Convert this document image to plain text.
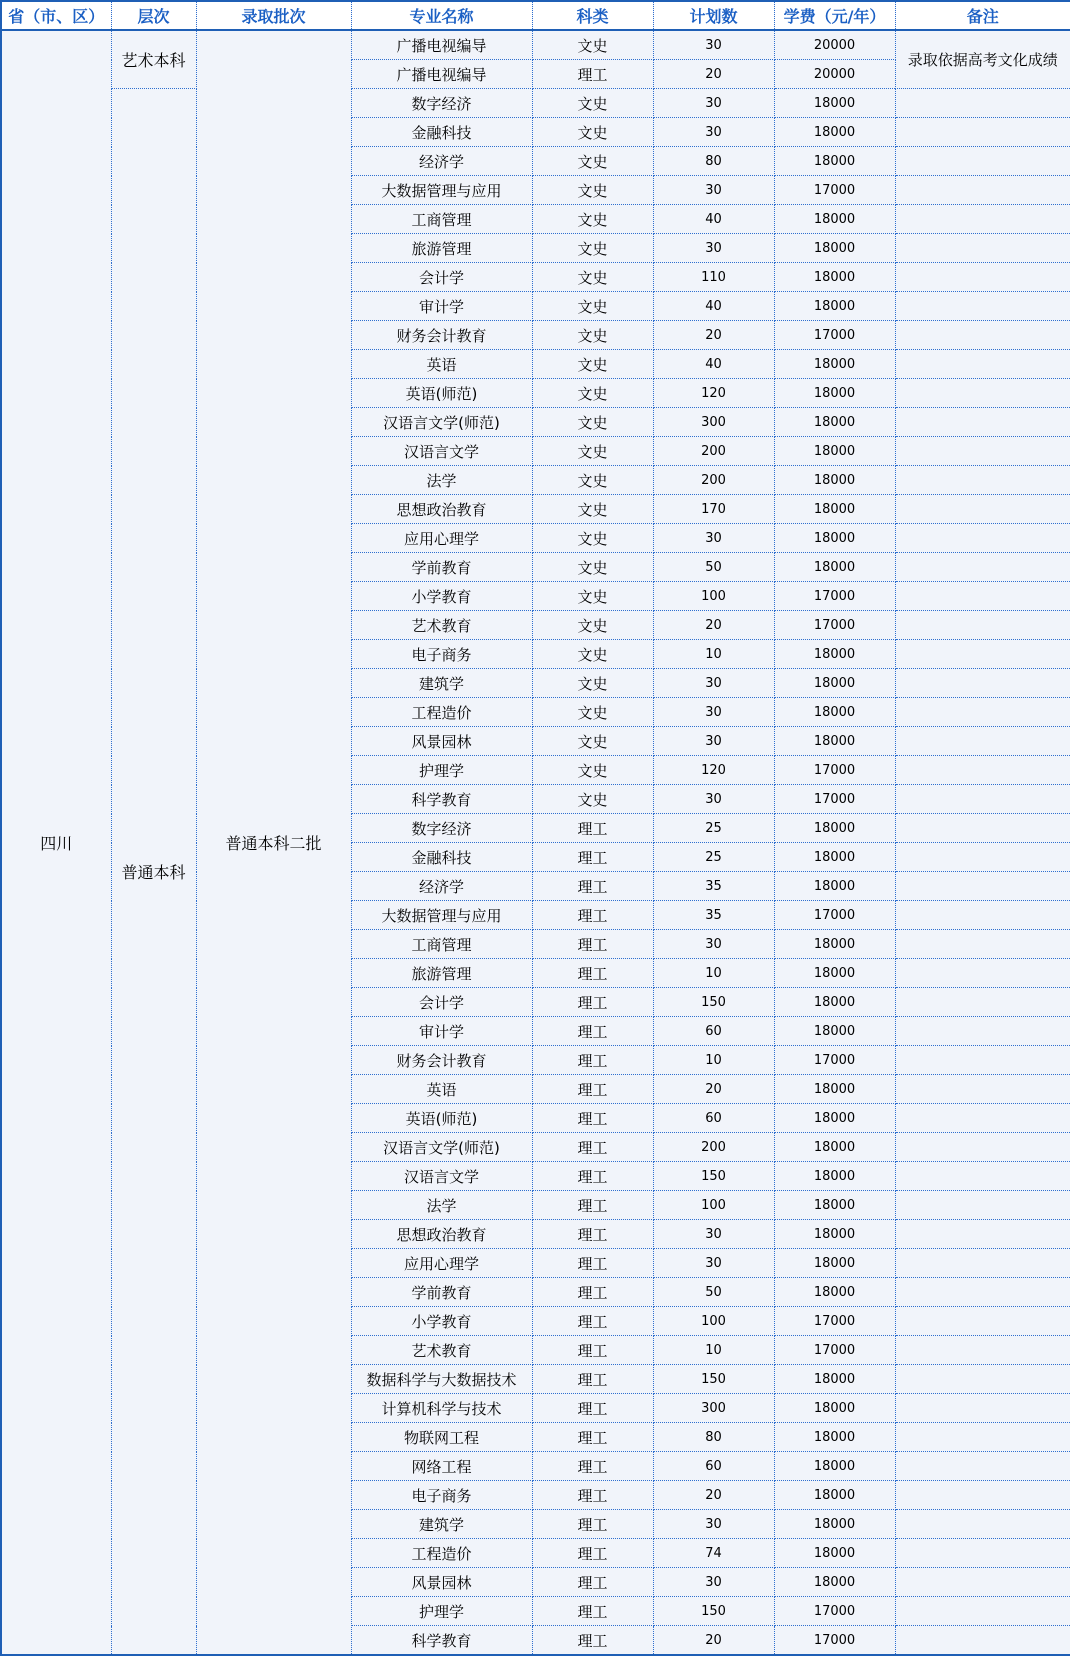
省（市、区）	层次	录取批次	专业名称	科类	计划数	学费（元/年）	备注
四川	艺术本科	普通本科二批	广播电视编导	文史	30	20000	录取依据高考文化成绩
			广播电视编导	理工	20	20000	
	普通本科		数字经济	文史	30	18000	
			金融科技	文史	30	18000	
			经济学	文史	80	18000	
			大数据管理与应用	文史	30	17000	
			工商管理	文史	40	18000	
			旅游管理	文史	30	18000	
			会计学	文史	110	18000	
			审计学	文史	40	18000	
			财务会计教育	文史	20	17000	
			英语	文史	40	18000	
			英语(师范)	文史	120	18000	
			汉语言文学(师范)	文史	300	18000	
			汉语言文学	文史	200	18000	
			法学	文史	200	18000	
			思想政治教育	文史	170	18000	
			应用心理学	文史	30	18000	
			学前教育	文史	50	18000	
			小学教育	文史	100	17000	
			艺术教育	文史	20	17000	
			电子商务	文史	10	18000	
			建筑学	文史	30	18000	
			工程造价	文史	30	18000	
			风景园林	文史	30	18000	
			护理学	文史	120	17000	
			科学教育	文史	30	17000	
			数字经济	理工	25	18000	
			金融科技	理工	25	18000	
			经济学	理工	35	18000	
			大数据管理与应用	理工	35	17000	
			工商管理	理工	30	18000	
			旅游管理	理工	10	18000	
			会计学	理工	150	18000	
			审计学	理工	60	18000	
			财务会计教育	理工	10	17000	
			英语	理工	20	18000	
			英语(师范)	理工	60	18000	
			汉语言文学(师范)	理工	200	18000	
			汉语言文学	理工	150	18000	
			法学	理工	100	18000	
			思想政治教育	理工	30	18000	
			应用心理学	理工	30	18000	
			学前教育	理工	50	18000	
			小学教育	理工	100	17000	
			艺术教育	理工	10	17000	
			数据科学与大数据技术	理工	150	18000	
			计算机科学与技术	理工	300	18000	
			物联网工程	理工	80	18000	
			网络工程	理工	60	18000	
			电子商务	理工	20	18000	
			建筑学	理工	30	18000	
			工程造价	理工	74	18000	
			风景园林	理工	30	18000	
			护理学	理工	150	17000	
			科学教育	理工	20	17000	
